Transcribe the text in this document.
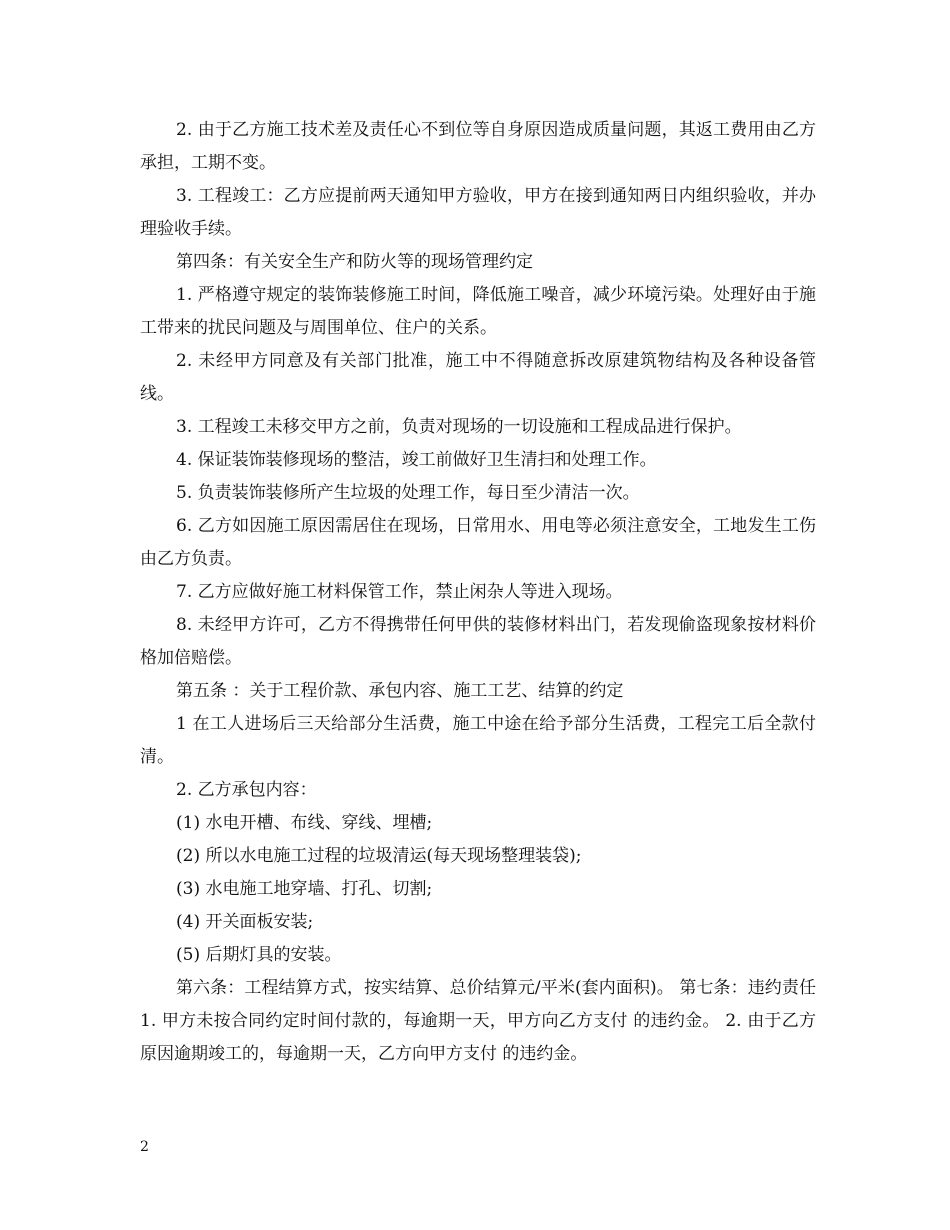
2. 由于乙方施工技术差及责任心不到位等自身原因造成质量问题，其返工费用由乙方承担，工期不变。

3. 工程竣工：乙方应提前两天通知甲方验收，甲方在接到通知两日内组织验收，并办理验收手续。

第四条：有关安全生产和防火等的现场管理约定

1. 严格遵守规定的装饰装修施工时间，降低施工噪音，减少环境污染。处理好由于施工带来的扰民问题及与周围单位、住户的关系。

2. 未经甲方同意及有关部门批准，施工中不得随意拆改原建筑物结构及各种设备管线。

3. 工程竣工未移交甲方之前，负责对现场的一切设施和工程成品进行保护。

4. 保证装饰装修现场的整洁，竣工前做好卫生清扫和处理工作。

5. 负责装饰装修所产生垃圾的处理工作，每日至少清洁一次。

6. 乙方如因施工原因需居住在现场，日常用水、用电等必须注意安全，工地发生工伤由乙方负责。

7. 乙方应做好施工材料保管工作，禁止闲杂人等进入现场。

8. 未经甲方许可，乙方不得携带任何甲供的装修材料出门，若发现偷盗现象按材料价格加倍赔偿。

第五条 ：关于工程价款、承包内容、施工工艺、结算的约定

1 在工人进场后三天给部分生活费，施工中途在给予部分生活费，工程完工后全款付清。

2. 乙方承包内容：

(1) 水电开槽、布线、穿线、埋槽;

(2) 所以水电施工过程的垃圾清运(每天现场整理装袋);

(3) 水电施工地穿墙、打孔、切割;

(4) 开关面板安装;

(5) 后期灯具的安装。

第六条：工程结算方式，按实结算、总价结算元/平米(套内面积)。 第七条：违约责任 1. 甲方未按合同约定时间付款的，每逾期一天，甲方向乙方支付 的违约金。 2. 由于乙方原因逾期竣工的，每逾期一天，乙方向甲方支付 的违约金。

2
